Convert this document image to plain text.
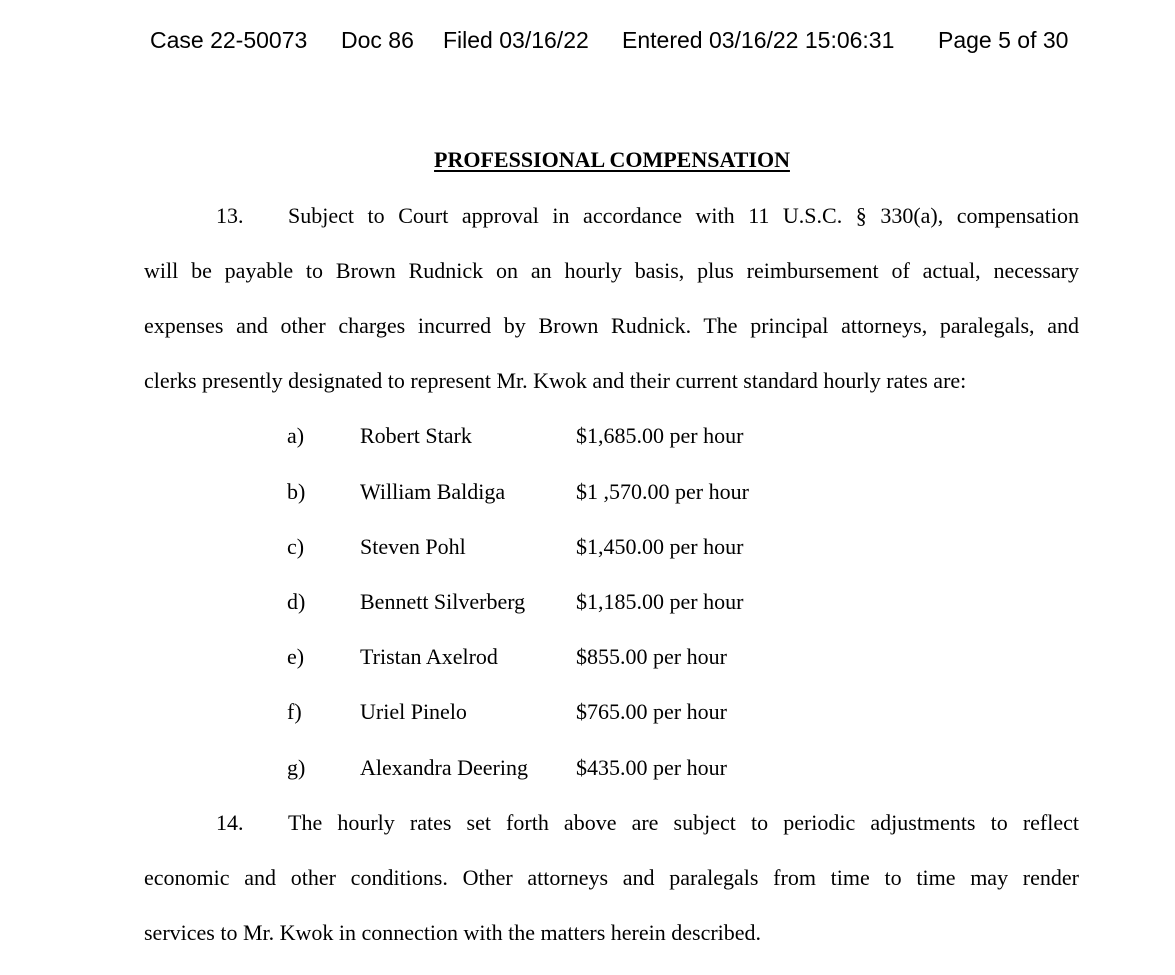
Case 22-50073 Doc 86 Filed 03/16/22 Entered 03/16/22 15:06:31 Page 5 of 30
PROFESSIONAL COMPENSATION
13. Subject to Court approval in accordance with 11 U.S.C. § 330(a), compensation
will be payable to Brown Rudnick on an hourly basis, plus reimbursement of actual, necessary
expenses and other charges incurred by Brown Rudnick. The principal attorneys, paralegals, and
clerks presently designated to represent Mr. Kwok and their current standard hourly rates are:
a)	Robert Stark	$1,685.00 per hour
b) William Baldiga	$1 ,570.00 per hour
c)	Steven Pohl	$1,450.00 per hour
d) Bennett Silverberg $1,185.00 per hour
e)	Tristan Axelrod	$855.00 per hour
f)	Uriel Pinelo	$765.00 per hour
g) Alexandra Deering $435.00 per hour
14. The hourly rates set forth above are subject to periodic adjustments to reflect
economic and other conditions. Other attorneys and paralegals from time to time may render
services to Mr. Kwok in connection with the matters herein described.
